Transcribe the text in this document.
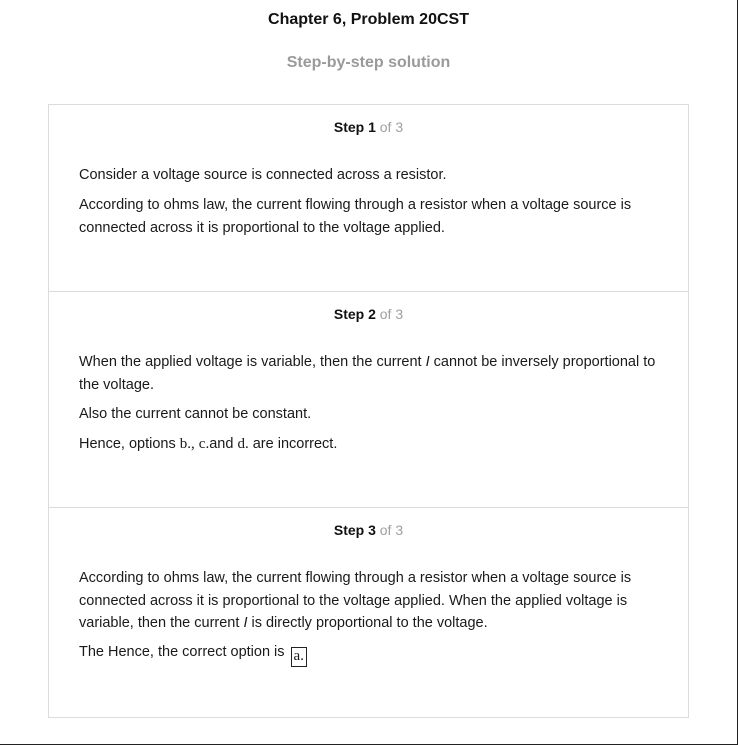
Chapter 6, Problem 20CST
Step-by-step solution
Step 1 of 3

Consider a voltage source is connected across a resistor.

According to ohms law, the current flowing through a resistor when a voltage source is connected across it is proportional to the voltage applied.

Step 2 of 3

When the applied voltage is variable, then the current I cannot be inversely proportional to the voltage.

Also the current cannot be constant.

Hence, options b., c.and d. are incorrect.

Step 3 of 3

According to ohms law, the current flowing through a resistor when a voltage source is connected across it is proportional to the voltage applied. When the applied voltage is variable, then the current I is directly proportional to the voltage.

The Hence, the correct option is a.
